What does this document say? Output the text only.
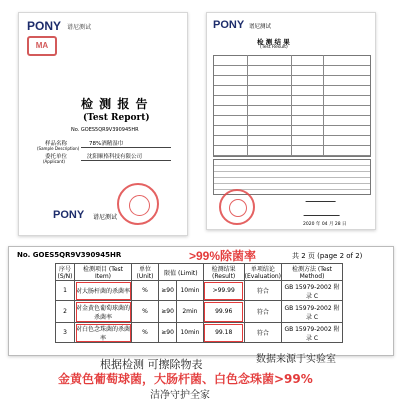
PONY 谱尼测试
MA
检 测 报 告
(Test Report)
No. GOES5QR9V390945HR
样品名称
(Sample Description)
78%酒精湿巾
委托单位
(Applicant)
沈阳顺格科技有限公司
PONY 谱尼测试
PONY 谱尼测试
检 测 结 果
(Test Result)
2020 年 04 月 28 日
No. GOES5QR9V390945HR	>99%除菌率	共 2 页 (page 2 of 2)
序号 (S/N)	检测项目 (Test Item)	单位 (Unit)	限值 (Limit)		检测结果 (Result)	单项结论 (Evaluation)	检测方法 (Test Method)
1	对大肠杆菌的杀菌率	%	≥90	10min	>99.99	符合	GB 15979-2002 附录 C
2	对金黄色葡萄球菌的杀菌率	%	≥90	2min	99.96	符合	GB 15979-2002 附录 C
3	对白色念珠菌的杀菌率	%	≥90	10min	99.18	符合	GB 15979-2002 附录 C
根据检测 可擦除物表	数据来源于实验室
金黄色葡萄球菌，大肠杆菌、白色念珠菌>99%
洁净守护全家
